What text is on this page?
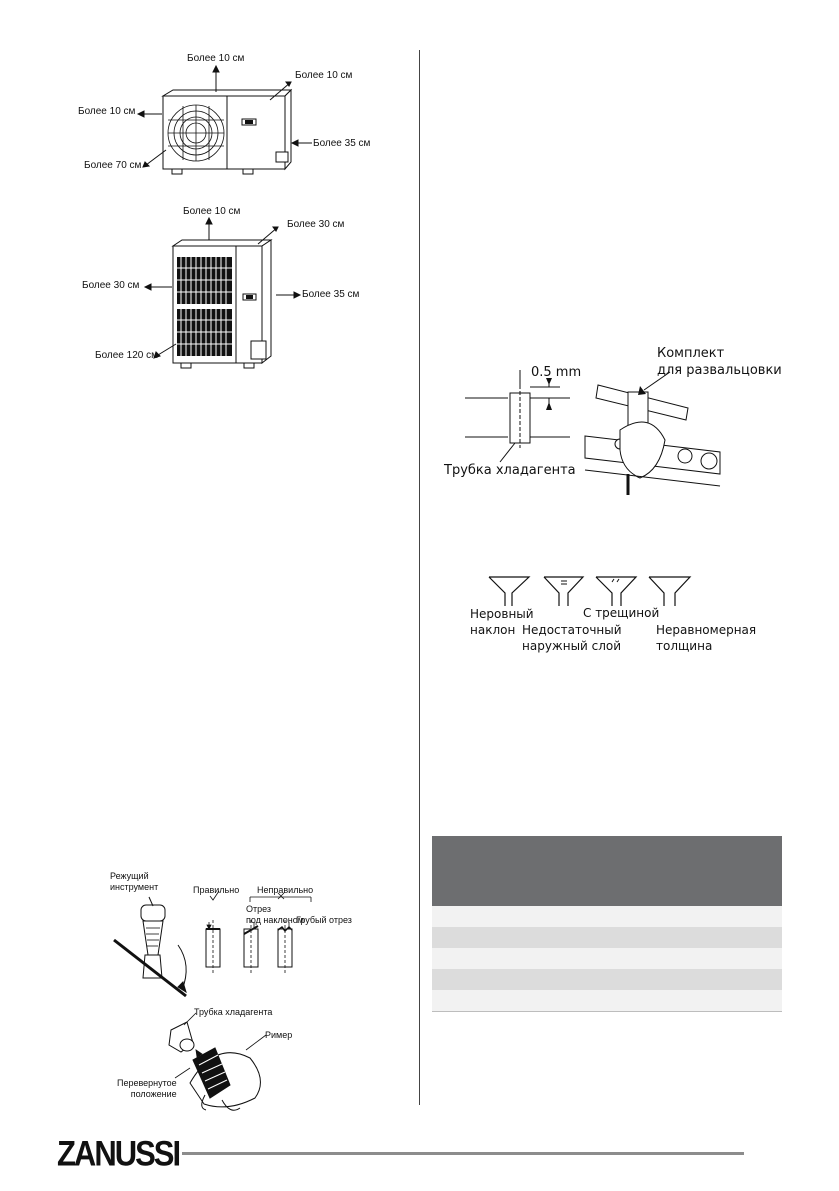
Более 10 см
Более 10 см
Более 10 см
Более 35 см
Более 70 см
Более 10 см
Более 30 см
Более 30 см
Более 35 см
Более 120 см
Режущий
инструмент	Правильно Неправильно
Отрез
под наклоном
Грубый отрез
Трубка хладагента
Ример
Перевернутое
положение
0.5 mm
Комплект
для развальцовки
Трубка хладагента
Неровный
наклон Недостаточный
наружный слой
С трещиной
Неравномерная
толщина
ZANUSSI
